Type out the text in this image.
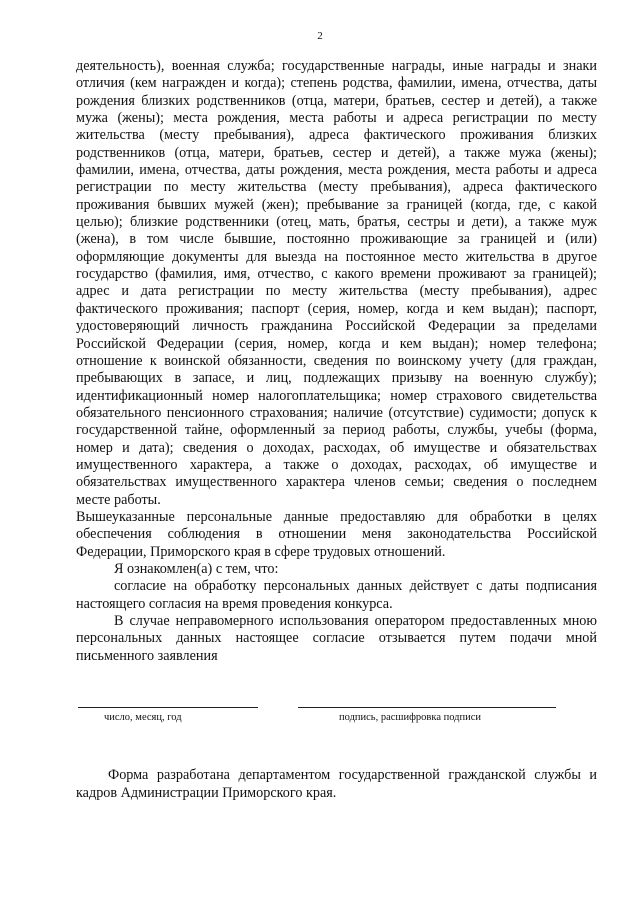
2

деятельность), военная служба; государственные награды, иные награды и знаки отличия (кем награжден и когда); степень родства, фамилии, имена, отчества, даты рождения близких родственников (отца, матери, братьев, сестер и детей), а также мужа (жены); места рождения, места работы и адреса регистрации по месту жительства (месту пребывания), адреса фактического проживания близких родственников (отца, матери, братьев, сестер и детей), а также мужа (жены); фамилии, имена, отчества, даты рождения, места рождения, места работы и адреса регистрации по месту жительства (месту пребывания), адреса фактического проживания бывших мужей (жен); пребывание за границей (когда, где, с какой целью); близкие родственники (отец, мать, братья, сестры и дети), а также муж (жена), в том числе бывшие, постоянно проживающие за границей и (или) оформляющие документы для выезда на постоянное место жительства в другое государство (фамилия, имя, отчество, с какого времени проживают за границей); адрес и дата регистрации по месту жительства (месту пребывания), адрес фактического проживания; паспорт (серия, номер, когда и кем выдан); паспорт, удостоверяющий личность гражданина Российской Федерации за пределами Российской Федерации (серия, номер, когда и кем выдан); номер телефона; отношение к воинской обязанности, сведения по воинскому учету (для граждан, пребывающих в запасе, и лиц, подлежащих призыву на военную службу); идентификационный номер налогоплательщика; номер страхового свидетельства обязательного пенсионного страхования; наличие (отсутствие) судимости; допуск к государственной тайне, оформленный за период работы, службы, учебы (форма, номер и дата); сведения о доходах, расходах, об имуществе и обязательствах имущественного характера, а также о доходах, расходах, об имуществе и обязательствах имущественного характера членов семьи; сведения о последнем месте работы.

Вышеуказанные персональные данные предоставляю для обработки в целях обеспечения соблюдения в отношении меня законодательства Российской Федерации, Приморского края в сфере трудовых отношений.

Я ознакомлен(а) с тем, что:

согласие на обработку персональных данных действует с даты подписания настоящего согласия на время проведения конкурса.

В случае неправомерного использования оператором предоставленных мною персональных данных настоящее согласие отзывается путем подачи мной письменного заявления

число, месяц, год	подпись, расшифровка подписи

Форма разработана департаментом государственной гражданской службы и кадров Администрации Приморского края.
